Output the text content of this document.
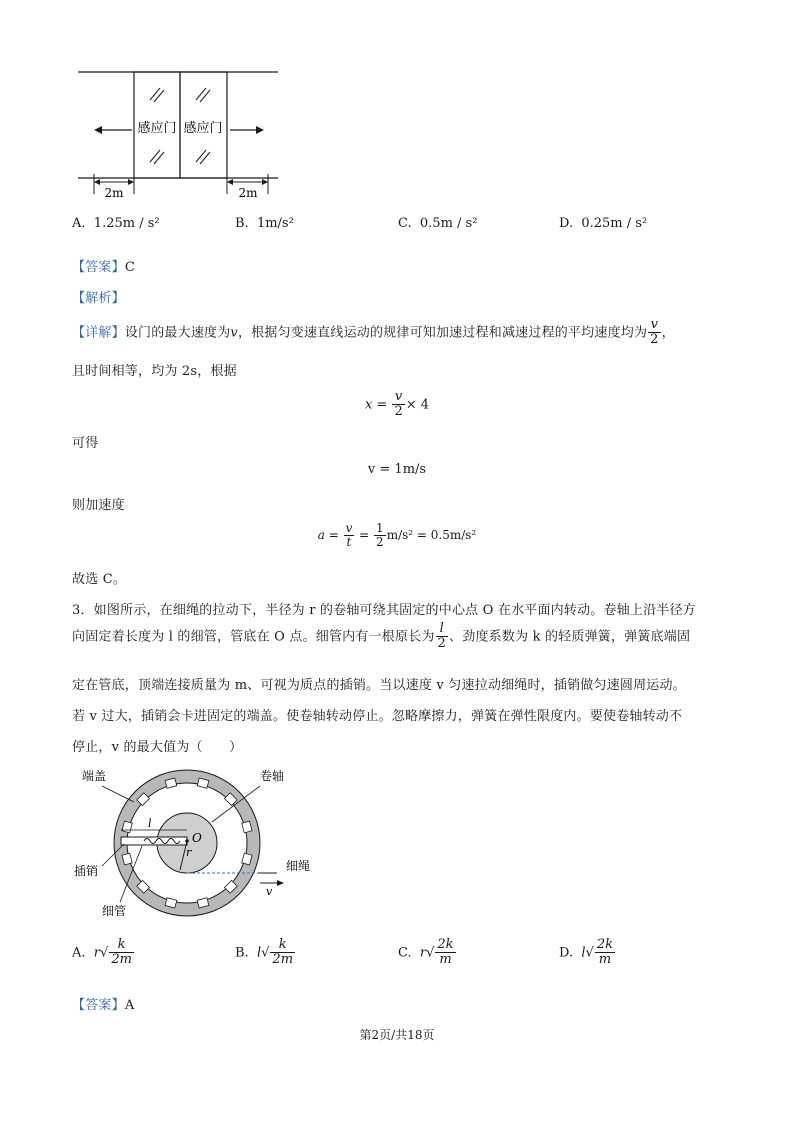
感应门 感应门
2m	2m
A. 1.25m / s²	B. 1m/s²	C. 0.5m / s²	D. 0.25m / s²
【答案】C
【解析】
【详解】设门的最大速度为v，根据匀变速直线运动的规律可知加速过程和减速过程的平均速度均为 $\frac{v}{2}$ ，
且时间相等，均为 2s，根据
$x = \frac{v}{2} \times 4$
可得
v = 1m/s
则加速度
$a = \frac{v}{t} = \frac{1}{2} m/s^2 = 0.5m/s^2$
故选 C。
3．如图所示，在细绳的拉动下，半径为 r 的卷轴可绕其固定的中心点 O 在水平面内转动。卷轴上沿半径方
向固定着长度为 l 的细管，管底在 O 点。细管内有一根原长为 $\frac{l}{2}$ 、劲度系数为 k 的轻质弹簧，弹簧底端固
定在管底，顶端连接质量为 m、可视为质点的插销。当以速度 v 匀速拉动细绳时，插销做匀速圆周运动。
若 v 过大，插销会卡进固定的端盖。使卷轴转动停止。忽略摩擦力，弹簧在弹性限度内。要使卷轴转动不
停止，v 的最大值为（　　）
l
O
r
v
端盖	卷轴
插销	细绳
细管
A. $r√ \frac{k}{2m}$	B. $l√ \frac{k}{2m}$	C. $r√ \frac{2k}{m}$	D. $l√ \frac{2k}{m}$
【答案】A
第2页/共18页
